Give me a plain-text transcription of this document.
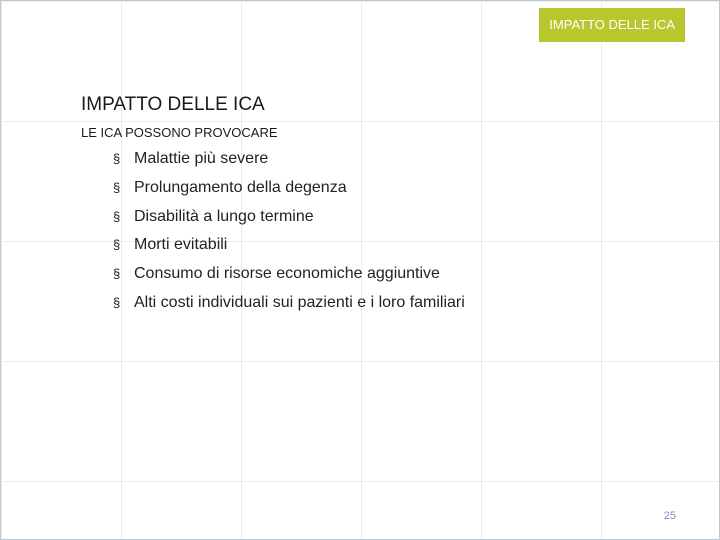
IMPATTO DELLE ICA
IMPATTO DELLE ICA
LE ICA POSSONO PROVOCARE
§ Malattie più severe
§ Prolungamento della degenza
§ Disabilità a lungo termine
§ Morti evitabili
§ Consumo di risorse economiche aggiuntive
§ Alti costi individuali sui pazienti e i loro familiari
25
